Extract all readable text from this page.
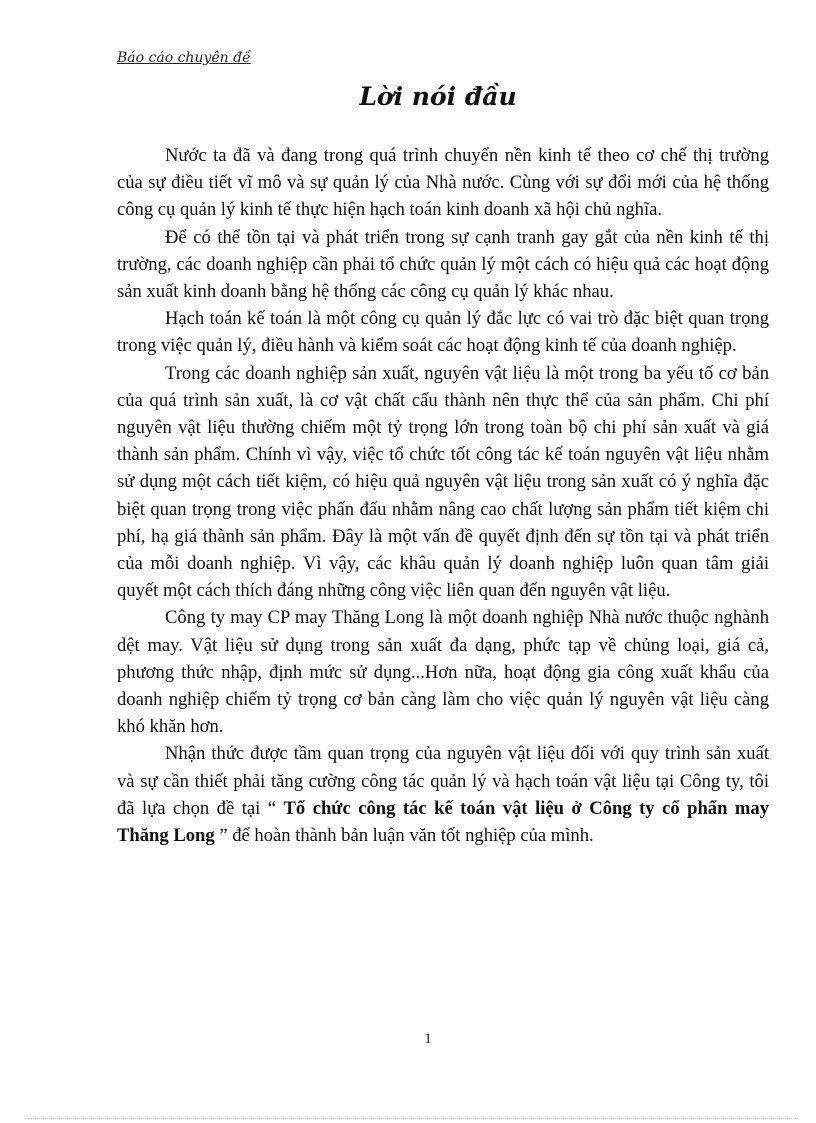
Báo cáo chuyên đề
Lời nói đầu

Nước ta đã và đang trong quá trình chuyển nền kinh tế theo cơ chế thị trường của sự điều tiết vĩ mô và sự quản lý của Nhà nước. Cùng với sự đổi mới của hệ thống công cụ quản lý kinh tế thực hiện hạch toán kinh doanh xã hội chủ nghĩa.

Để có thể tồn tại và phát triển trong sự cạnh tranh gay gắt của nền kinh tế thị trường, các doanh nghiệp cần phải tổ chức quản lý một cách có hiệu quả các hoạt động sản xuất kinh doanh bằng hệ thống các công cụ quản lý khác nhau.

Hạch toán kế toán là một công cụ quản lý đắc lực có vai trò đặc biệt quan trọng trong việc quản lý, điều hành và kiểm soát các hoạt động kinh tế của doanh nghiệp.

Trong các doanh nghiệp sản xuất, nguyên vật liệu là một trong ba yếu tố cơ bản của quá trình sản xuất, là cơ vật chất cấu thành nên thực thể của sản phẩm. Chi phí nguyên vật liệu thường chiếm một tỷ trọng lớn trong toàn bộ chi phí sản xuất và giá thành sản phẩm. Chính vì vậy, việc tổ chức tốt công tác kế toán nguyên vật liệu nhằm sử dụng một cách tiết kiệm, có hiệu quả nguyên vật liệu trong sản xuất có ý nghĩa đặc biệt quan trọng trong việc phấn đấu nhằm nâng cao chất lượng sản phẩm tiết kiệm chi phí, hạ giá thành sản phẩm. Đây là một vấn đề quyết định đến sự tồn tại và phát triển của mỗi doanh nghiệp. Vì vậy, các khâu quản lý doanh nghiệp luôn quan tâm giải quyết một cách thích đáng những công việc liên quan đến nguyên vật liệu.

Công ty may CP may Thăng Long là một doanh nghiệp Nhà nước thuộc nghành dệt may. Vật liệu sử dụng trong sản xuất đa dạng, phức tạp về chủng loại, giá cả, phương thức nhập, định mức sử dụng...Hơn nữa, hoạt động gia công xuất khẩu của doanh nghiệp chiếm tỷ trọng cơ bản càng làm cho việc quản lý nguyên vật liệu càng khó khăn hơn.

Nhận thức được tầm quan trọng của nguyên vật liệu đối với quy trình sản xuất và sự cần thiết phải tăng cường công tác quản lý và hạch toán vật liệu tại Công ty, tôi đã lựa chọn đề tại “ Tổ chức công tác kế toán vật liệu ở Công ty cổ phẩn may Thăng Long ” để hoàn thành bản luận văn tốt nghiệp của mình.

1
